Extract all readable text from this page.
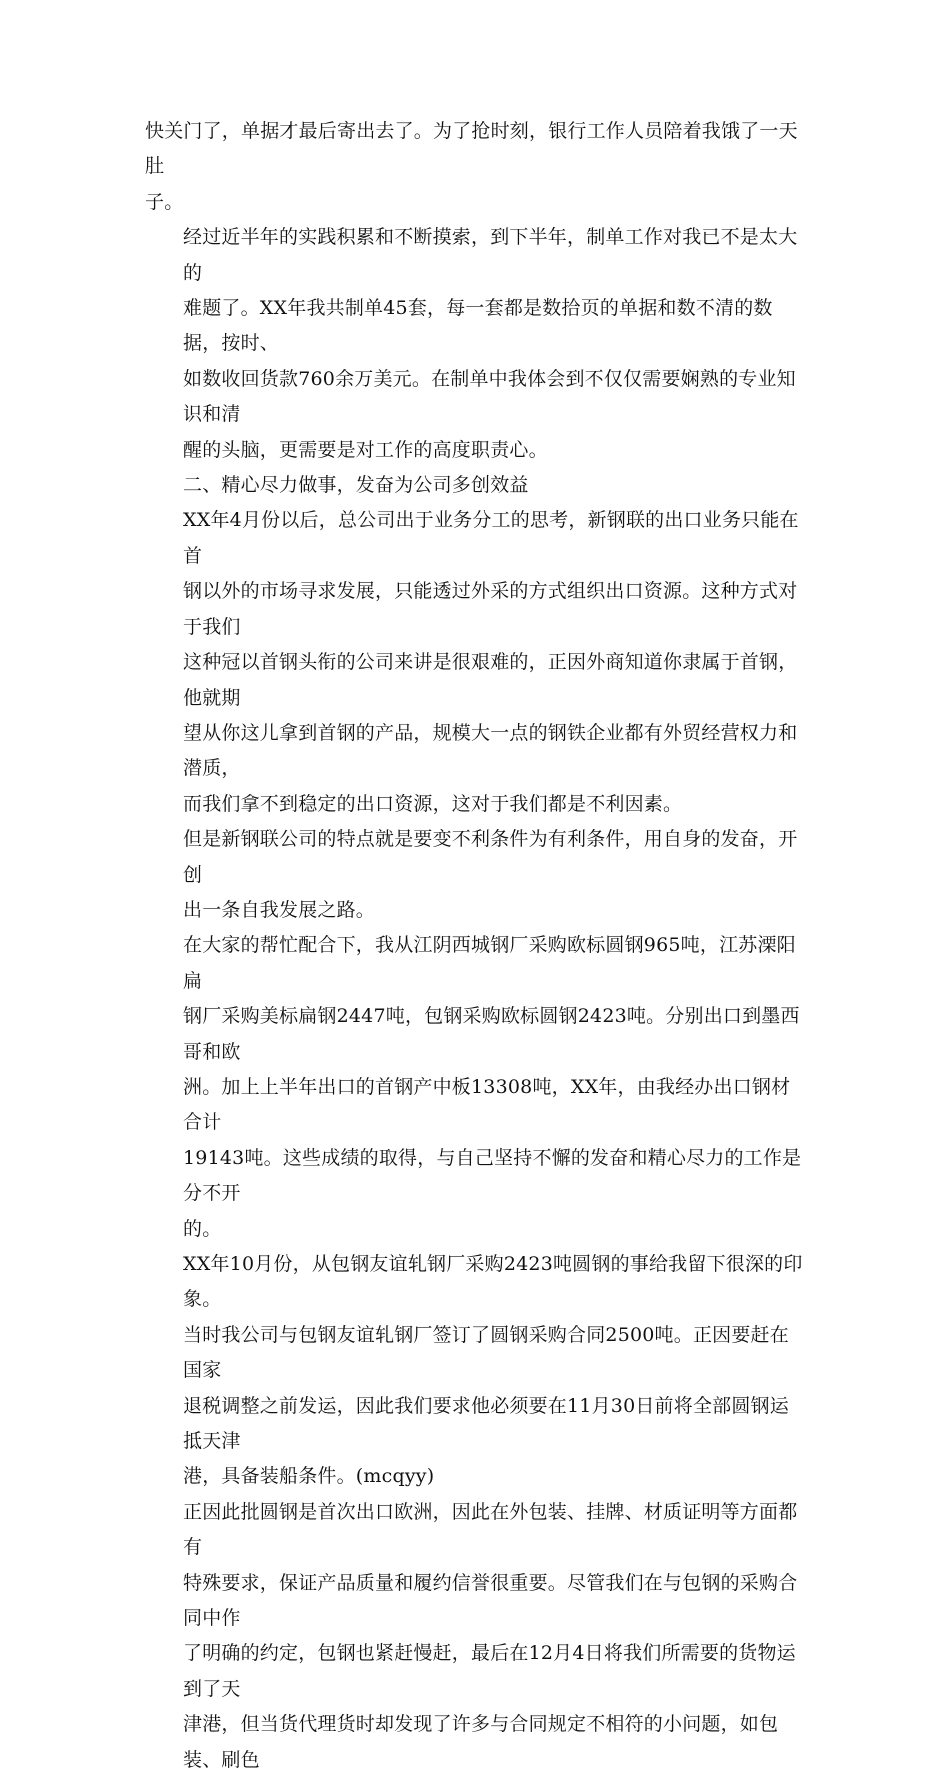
快关门了，单据才最后寄出去了。为了抢时刻，银行工作人员陪着我饿了一天肚
子。

经过近半年的实践积累和不断摸索，到下半年，制单工作对我已不是太大的
难题了。XX年我共制单45套，每一套都是数拾页的单据和数不清的数据，按时、
如数收回货款760余万美元。在制单中我体会到不仅仅需要娴熟的专业知识和清
醒的头脑，更需要是对工作的高度职责心。

二、精心尽力做事，发奋为公司多创效益

XX年4月份以后，总公司出于业务分工的思考，新钢联的出口业务只能在首
钢以外的市场寻求发展，只能透过外采的方式组织出口资源。这种方式对于我们
这种冠以首钢头衔的公司来讲是很艰难的，正因外商知道你隶属于首钢，他就期
望从你这儿拿到首钢的产品，规模大一点的钢铁企业都有外贸经营权力和潜质，
而我们拿不到稳定的出口资源，这对于我们都是不利因素。

但是新钢联公司的特点就是要变不利条件为有利条件，用自身的发奋，开创
出一条自我发展之路。

在大家的帮忙配合下，我从江阴西城钢厂采购欧标圆钢965吨，江苏溧阳扁
钢厂采购美标扁钢2447吨，包钢采购欧标圆钢2423吨。分别出口到墨西哥和欧
洲。加上上半年出口的首钢产中板13308吨，XX年，由我经办出口钢材合计
19143吨。这些成绩的取得，与自己坚持不懈的发奋和精心尽力的工作是分不开
的。

XX年10月份，从包钢友谊轧钢厂采购2423吨圆钢的事给我留下很深的印象。

当时我公司与包钢友谊轧钢厂签订了圆钢采购合同2500吨。正因要赶在国家
退税调整之前发运，因此我们要求他必须要在11月30日前将全部圆钢运抵天津
港，具备装船条件。(mcqyy)

正因此批圆钢是首次出口欧洲，因此在外包装、挂牌、材质证明等方面都有
特殊要求，保证产品质量和履约信誉很重要。尽管我们在与包钢的采购合同中作
了明确的约定，包钢也紧赶慢赶，最后在12月4日将我们所需要的货物运到了天
津港，但当货代理货时却发现了许多与合同规定不相符的小问题，如包装、刷色
